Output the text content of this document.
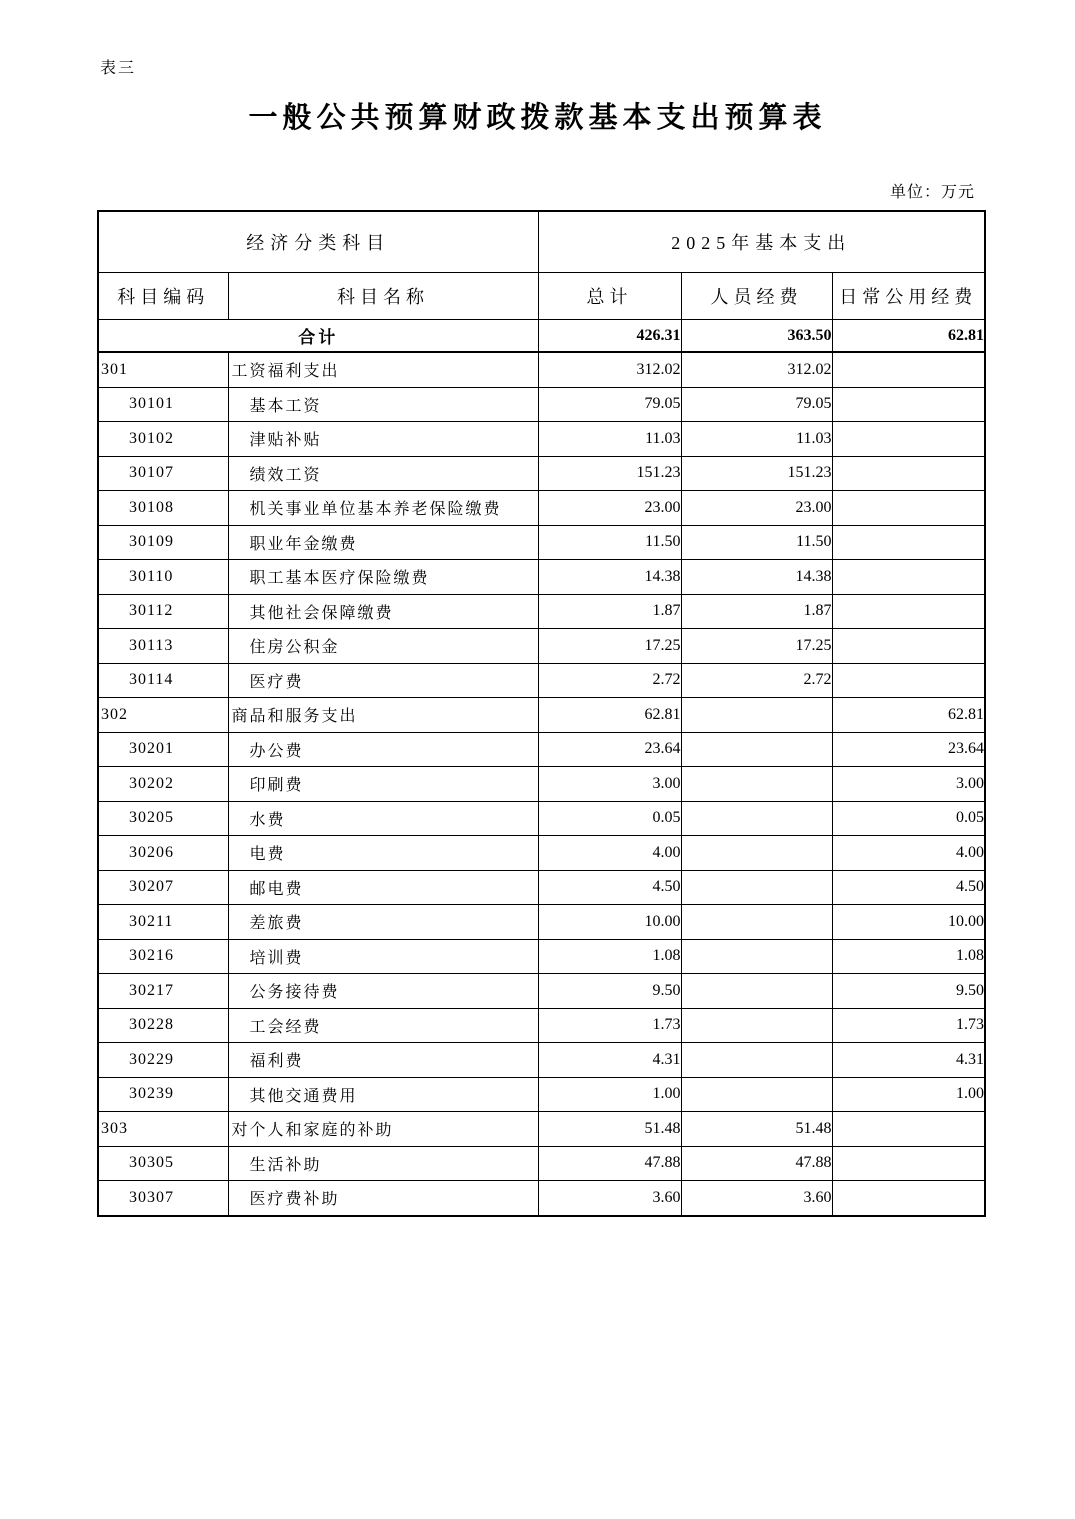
表三
一般公共预算财政拨款基本支出预算表
单位：万元
经济分类科目		2025年基本支出		
科目编码	科目名称	总计	人员经费	日常公用经费
合计		426.31	363.50	62.81
301	工资福利支出	312.02	312.02	
30101	基本工资	79.05	79.05	
30102	津贴补贴	11.03	11.03	
30107	绩效工资	151.23	151.23	
30108	机关事业单位基本养老保险缴费	23.00	23.00	
30109	职业年金缴费	11.50	11.50	
30110	职工基本医疗保险缴费	14.38	14.38	
30112	其他社会保障缴费	1.87	1.87	
30113	住房公积金	17.25	17.25	
30114	医疗费	2.72	2.72	
302	商品和服务支出	62.81		62.81
30201	办公费	23.64		23.64
30202	印刷费	3.00		3.00
30205	水费	0.05		0.05
30206	电费	4.00		4.00
30207	邮电费	4.50		4.50
30211	差旅费	10.00		10.00
30216	培训费	1.08		1.08
30217	公务接待费	9.50		9.50
30228	工会经费	1.73		1.73
30229	福利费	4.31		4.31
30239	其他交通费用	1.00		1.00
303	对个人和家庭的补助	51.48	51.48	
30305	生活补助	47.88	47.88	
30307	医疗费补助	3.60	3.60	
